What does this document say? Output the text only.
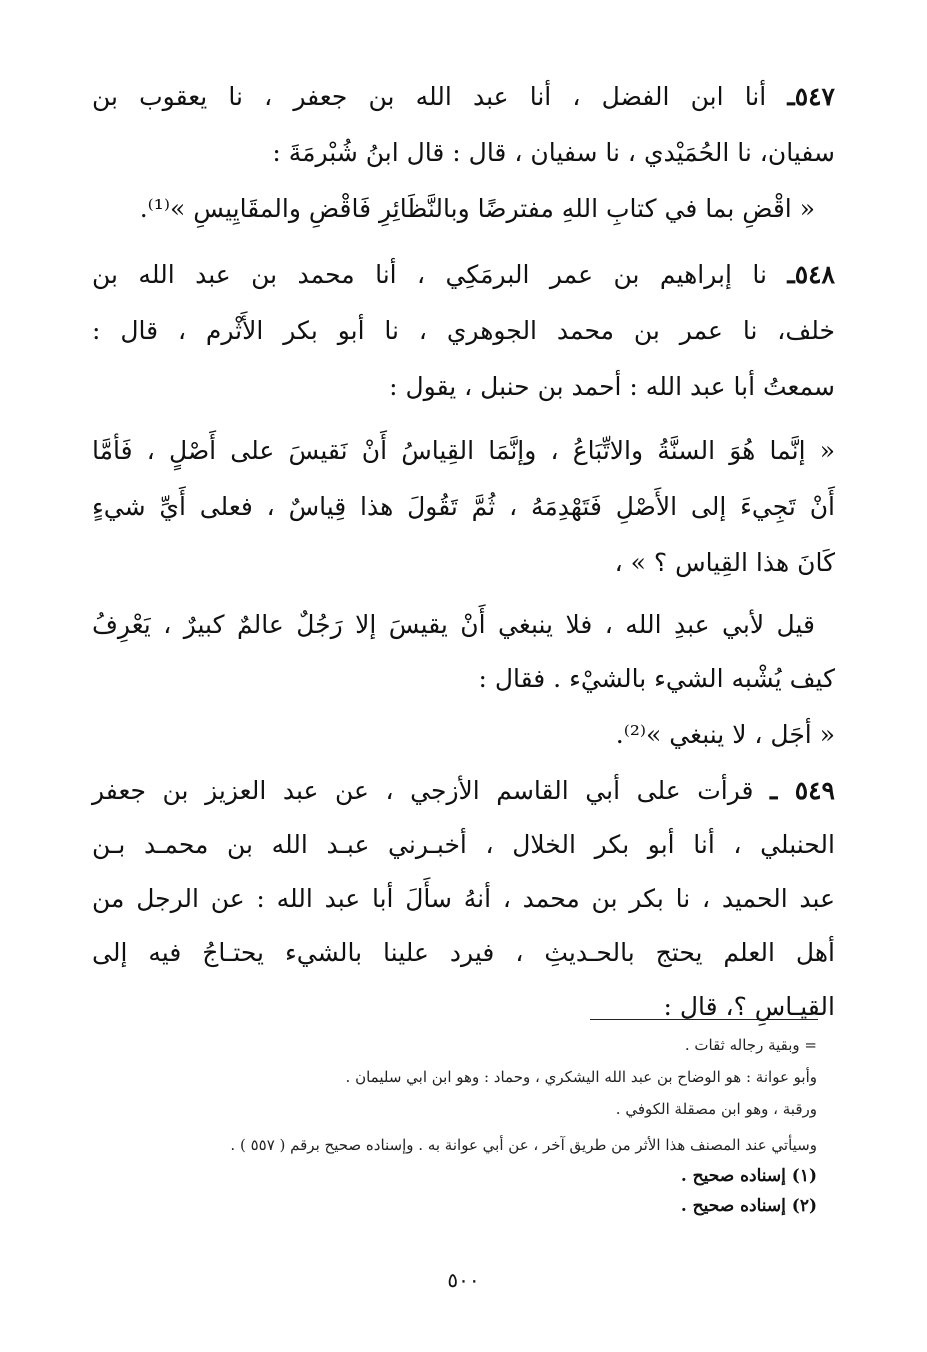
٥٤٧ـ أنا ابن الفضل ، أنا عبد الله بن جعفر ، نا يعقوب بن
سفيان، نا الحُمَيْدي ، نا سفيان ، قال : قال ابنُ شُبْرمَةَ :
« اقْضِ بما في كتابِ اللهِ مفترضًا وبالنَّظَائِرِ فَاقْضِ والمقَايِيسِ »⁽¹⁾.
٥٤٨ـ نا إبراهيم بن عمر البرمَكِي ، أنا محمد بن عبد الله بن
خلف، نا عمر بن محمد الجوهري ، نا أبو بكر الأَثْرم ، قال :
سمعتُ أبا عبد الله : أحمد بن حنبل ، يقول :
« إنَّما هُوَ السنَّةُ والاتِّبَاعُ ، وإنَّمَا القِياسُ أَنْ نَقيسَ على أَصْلٍ ، فَأمَّا
أَنْ تَجِيءَ إلى الأَصْلِ فَتَهْدِمَهُ ، ثُمَّ تَقُولَ هذا قِياسٌ ، فعلى أَيِّ شيءٍ
كَانَ هذا القِياس ؟ » ،
قيل لأبي عبدِ الله ، فلا ينبغي أَنْ يقيسَ إلا رَجُلٌ عالمٌ كبيرٌ ، يَعْرِفُ
كيف يُشْبه الشيء بالشيْء . فقال :
« أجَل ، لا ينبغي »⁽²⁾.
٥٤٩ ـ قرأت على أبي القاسم الأزجي ، عن عبد العزيز بن جعفر
الحنبلي ، أنا أبو بكر الخلال ، أخبـرني عبـد الله بن محمـد بـن
عبد الحميد ، نا بكر بن محمد ، أنهُ سأَلَ أبا عبد الله : عن الرجل من
أهل العلم يحتج بالحـديثِ ، فيرد علينا بالشيء يحتـاجُ فيه إلى
القيـاسِ ؟، قال :
= وبقية رجاله ثقات .
وأبو عوانة : هو الوضاح بن عبد الله اليشكري ، وحماد : وهو ابن ابي سليمان .
ورقبة ، وهو ابن مصقلة الكوفي .
وسيأتي عند المصنف هذا الأثر من طريق آخر ، عن أبي عوانة به . وإسناده صحيح برقم ( ٥٥٧ ) .
(١) إسناده صحيح .
(٢) إسناده صحيح .
٥٠٠
